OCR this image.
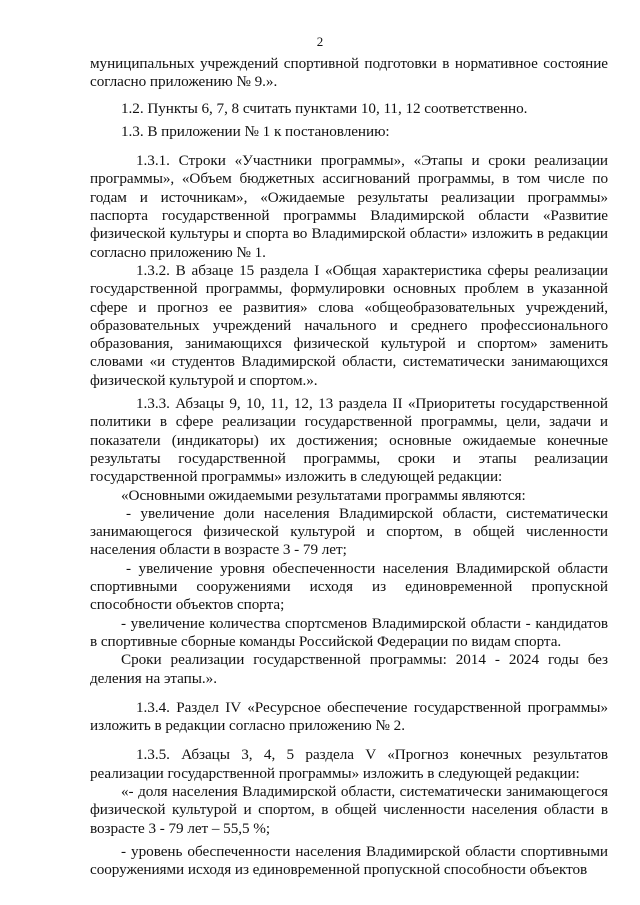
2

муниципальных учреждений спортивной подготовки в нормативное состояние согласно приложению № 9.».

1.2. Пункты 6, 7, 8 считать пунктами 10, 11, 12 соответственно.

1.3. В приложении № 1 к постановлению:

1.3.1. Строки «Участники программы», «Этапы и сроки реализации программы», «Объем бюджетных ассигнований программы, в том числе по годам и источникам», «Ожидаемые результаты реализации программы» паспорта государственной программы Владимирской области «Развитие физической культуры и спорта во Владимирской области» изложить в редакции согласно приложению № 1.

1.3.2. В абзаце 15 раздела I «Общая характеристика сферы реализации государственной программы, формулировки основных проблем в указанной сфере и прогноз ее развития» слова «общеобразовательных учреждений, образовательных учреждений начального и среднего профессионального образования, занимающихся физической культурой и спортом» заменить словами «и студентов Владимирской области, систематически занимающихся физической культурой и спортом.».

1.3.3. Абзацы 9, 10, 11, 12, 13 раздела II «Приоритеты государственной политики в сфере реализации государственной программы, цели, задачи и показатели (индикаторы) их достижения; основные ожидаемые конечные результаты государственной программы, сроки и этапы реализации государственной программы» изложить в следующей редакции:

«Основными ожидаемыми результатами программы являются:

- увеличение доли населения Владимирской области, систематически занимающегося физической культурой и спортом, в общей численности населения области в возрасте 3 - 79 лет;

- увеличение уровня обеспеченности населения Владимирской области спортивными сооружениями исходя из единовременной пропускной способности объектов спорта;

- увеличение количества спортсменов Владимирской области - кандидатов в спортивные сборные команды Российской Федерации по видам спорта.

Сроки реализации государственной программы: 2014 - 2024 годы без деления на этапы.».

1.3.4. Раздел IV «Ресурсное обеспечение государственной программы» изложить в редакции согласно приложению № 2.

1.3.5. Абзацы 3, 4, 5 раздела V «Прогноз конечных результатов реализации государственной программы» изложить в следующей редакции:

«- доля населения Владимирской области, систематически занимающегося физической культурой и спортом, в общей численности населения области в возрасте 3 - 79 лет – 55,5 %;

- уровень обеспеченности населения Владимирской области спортивными сооружениями исходя из единовременной пропускной способности объектов
